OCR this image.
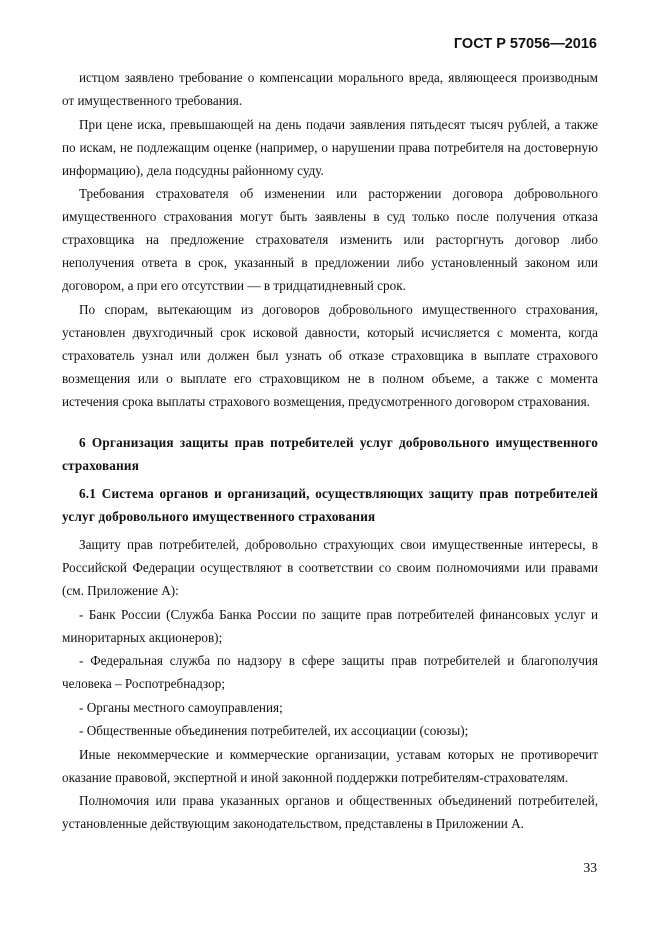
ГОСТ Р 57056—2016

истцом заявлено требование о компенсации морального вреда, являющееся производным от имущественного требования.

При цене иска, превышающей на день подачи заявления пятьдесят тысяч рублей, а также по искам, не подлежащим оценке (например, о нарушении права потребителя на достоверную информацию), дела подсудны районному суду.

Требования страхователя об изменении или расторжении договора добровольного имущественного страхования могут быть заявлены в суд только после получения отказа страховщика на предложение страхователя изменить или расторгнуть договор либо неполучения ответа в срок, указанный в предложении либо установленный законом или договором, а при его отсутствии — в тридцатидневный срок.

По спорам, вытекающим из договоров добровольного имущественного страхования, установлен двухгодичный срок исковой давности, который исчисляется с момента, когда страхователь узнал или должен был узнать об отказе страховщика в выплате страхового возмещения или о выплате его страховщиком не в полном объеме, а также с момента истечения срока выплаты страхового возмещения, предусмотренного договором страхования.

6 Организация защиты прав потребителей услуг добровольного имущественного страхования
6.1 Система органов и организаций, осуществляющих защиту прав потребителей услуг добровольного имущественного страхования

Защиту прав потребителей, добровольно страхующих свои имущественные интересы, в Российской Федерации осуществляют в соответствии со своим полномочиями или правами (см. Приложение А):

- Банк России (Служба Банка России по защите прав потребителей финансовых услуг и миноритарных акционеров);

- Федеральная служба по надзору в сфере защиты прав потребителей и благополучия человека – Роспотребнадзор;

- Органы местного самоуправления;

- Общественные объединения потребителей, их ассоциации (союзы);

Иные некоммерческие и коммерческие организации, уставам которых не противоречит оказание правовой, экспертной и иной законной поддержки потребителям-страхователям.

Полномочия или права указанных органов и общественных объединений потребителей, установленные действующим законодательством, представлены в Приложении А.

33
